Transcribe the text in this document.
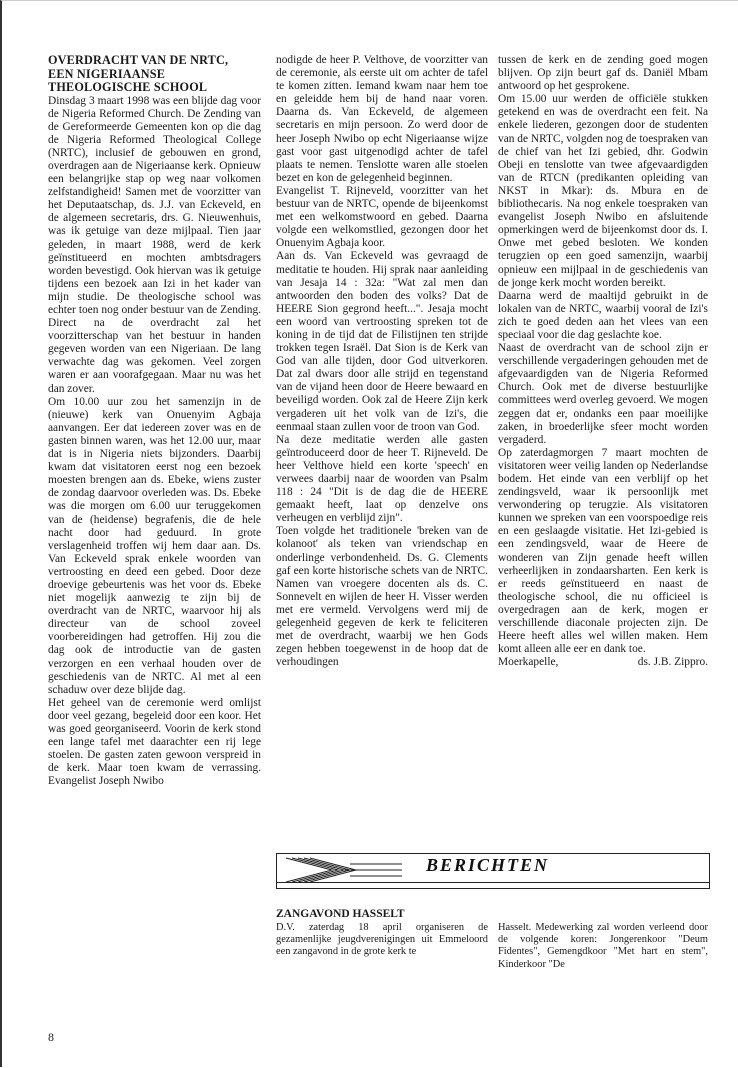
OVERDRACHT VAN DE NRTC,
EEN NIGERIAANSE
THEOLOGISCHE SCHOOL

Dinsdag 3 maart 1998 was een blijde dag voor de Nigeria Reformed Church. De Zending van de Gereformeerde Gemeenten kon op die dag de Nigeria Reformed Theological College (NRTC), inclusief de gebouwen en grond, overdragen aan de Nigeriaanse kerk. Opnieuw een belangrijke stap op weg naar volkomen zelfstandigheid! Samen met de voorzitter van het Deputaatschap, ds. J.J. van Eckeveld, en de algemeen secretaris, drs. G. Nieuwenhuis, was ik getuige van deze mijlpaal. Tien jaar geleden, in maart 1988, werd de kerk geïnstitueerd en mochten ambtsdragers worden bevestigd. Ook hiervan was ik getuige tijdens een bezoek aan Izi in het kader van mijn studie. De theologische school was echter toen nog onder bestuur van de Zending. Direct na de overdracht zal het voorzitterschap van het bestuur in handen gegeven worden van een Nigeriaan. De lang verwachte dag was gekomen. Veel zorgen waren er aan voorafgegaan. Maar nu was het dan zover.

Om 10.00 uur zou het samenzijn in de (nieuwe) kerk van Onuenyim Agbaja aanvangen. Eer dat iedereen zover was en de gasten binnen waren, was het 12.00 uur, maar dat is in Nigeria niets bijzonders. Daarbij kwam dat visitatoren eerst nog een bezoek moesten brengen aan ds. Ebeke, wiens zuster de zondag daarvoor overleden was. Ds. Ebeke was die morgen om 6.00 uur teruggekomen van de (heidense) begrafenis, die de hele nacht door had geduurd. In grote verslagenheid troffen wij hem daar aan. Ds. Van Eckeveld sprak enkele woorden van vertroosting en deed een gebed. Door deze droevige gebeurtenis was het voor ds. Ebeke niet mogelijk aanwezig te zijn bij de overdracht van de NRTC, waarvoor hij als directeur van de school zoveel voorbereidingen had getroffen. Hij zou die dag ook de introductie van de gasten verzorgen en een verhaal houden over de geschiedenis van de NRTC. Al met al een schaduw over deze blijde dag.

Het geheel van de ceremonie werd omlijst door veel gezang, begeleid door een koor. Het was goed georganiseerd. Voorin de kerk stond een lange tafel met daarachter een rij lege stoelen. De gasten zaten gewoon verspreid in de kerk. Maar toen kwam de verrassing. Evangelist Joseph Nwibo

nodigde de heer P. Velthove, de voorzitter van de ceremonie, als eerste uit om achter de tafel te komen zitten. Iemand kwam naar hem toe en geleidde hem bij de hand naar voren. Daarna ds. Van Eckeveld, de algemeen secretaris en mijn persoon. Zo werd door de heer Joseph Nwibo op echt Nigeriaanse wijze gast voor gast uitgenodigd achter de tafel plaats te nemen. Tenslotte waren alle stoelen bezet en kon de gelegenheid beginnen.

Evangelist T. Rijneveld, voorzitter van het bestuur van de NRTC, opende de bijeenkomst met een welkomstwoord en gebed. Daarna volgde een welkomstlied, gezongen door het Onuenyim Agbaja koor.

Aan ds. Van Eckeveld was gevraagd de meditatie te houden. Hij sprak naar aanleiding van Jesaja 14 : 32a: "Wat zal men dan antwoorden den boden des volks? Dat de HEERE Sion gegrond heeft...". Jesaja mocht een woord van vertroosting spreken tot de koning in de tijd dat de Filistijnen ten strijde trokken tegen Israël. Dat Sion is de Kerk van God van alle tijden, door God uitverkoren. Dat zal dwars door alle strijd en tegenstand van de vijand heen door de Heere bewaard en beveiligd worden. Ook zal de Heere Zijn kerk vergaderen uit het volk van de Izi's, die eenmaal staan zullen voor de troon van God.

Na deze meditatie werden alle gasten geïntroduceerd door de heer T. Rijneveld. De heer Velthove hield een korte 'speech' en verwees daarbij naar de woorden van Psalm 118 : 24 "Dit is de dag die de HEERE gemaakt heeft, laat op denzelve ons verheugen en verblijd zijn".

Toen volgde het traditionele 'breken van de kolanoot' als teken van vriendschap en onderlinge verbondenheid. Ds. G. Clements gaf een korte historische schets van de NRTC. Namen van vroegere docenten als ds. C. Sonnevelt en wijlen de heer H. Visser werden met ere vermeld. Vervolgens werd mij de gelegenheid gegeven de kerk te feliciteren met de overdracht, waarbij we hen Gods zegen hebben toegewenst in de hoop dat de verhoudingen

tussen de kerk en de zending goed mogen blijven. Op zijn beurt gaf ds. Daniël Mbam antwoord op het gesprokene.

Om 15.00 uur werden de officiële stukken getekend en was de overdracht een feit. Na enkele liederen, gezongen door de studenten van de NRTC, volgden nog de toespraken van de chief van het Izi gebied, dhr. Godwin Obeji en tenslotte van twee afgevaardigden van de RTCN (predikanten opleiding van NKST in Mkar): ds. Mbura en de bibliothecaris. Na nog enkele toespraken van evangelist Joseph Nwibo en afsluitende opmerkingen werd de bijeenkomst door ds. I. Onwe met gebed besloten. We konden terugzien op een goed samenzijn, waarbij opnieuw een mijlpaal in de geschiedenis van de jonge kerk mocht worden bereikt.

Daarna werd de maaltijd gebruikt in de lokalen van de NRTC, waarbij vooral de Izi's zich te goed deden aan het vlees van een speciaal voor die dag geslachte koe.

Naast de overdracht van de school zijn er verschillende vergaderingen gehouden met de afgevaardigden van de Nigeria Reformed Church. Ook met de diverse bestuurlijke committees werd overleg gevoerd. We mogen zeggen dat er, ondanks een paar moeilijke zaken, in broederlijke sfeer mocht worden vergaderd.

Op zaterdagmorgen 7 maart mochten de visitatoren weer veilig landen op Nederlandse bodem. Het einde van een verblijf op het zendingsveld, waar ik persoonlijk met verwondering op terugzie. Als visitatoren kunnen we spreken van een voorspoedige reis en een geslaagde visitatie. Het Izi-gebied is een zendingsveld, waar de Heere de wonderen van Zijn genade heeft willen verheerlijken in zondaarsharten. Een kerk is er reeds geïnstitueerd en naast de theologische school, die nu officieel is overgedragen aan de kerk, mogen er verschillende diaconale projecten zijn. De Heere heeft alles wel willen maken. Hem komt alleen alle eer en dank toe.

Moerkapelle,	ds. J.B. Zippro.
BERICHTEN
ZANGAVOND HASSELT
D.V. zaterdag 18 april organiseren de gezamenlijke jeugdverenigingen uit Emmeloord een zangavond in de grote kerk te
Hasselt. Medewerking zal worden verleend door de volgende koren: Jongerenkoor "Deum Fidentes", Gemengdkoor "Met hart en stem", Kinderkoor "De
8
